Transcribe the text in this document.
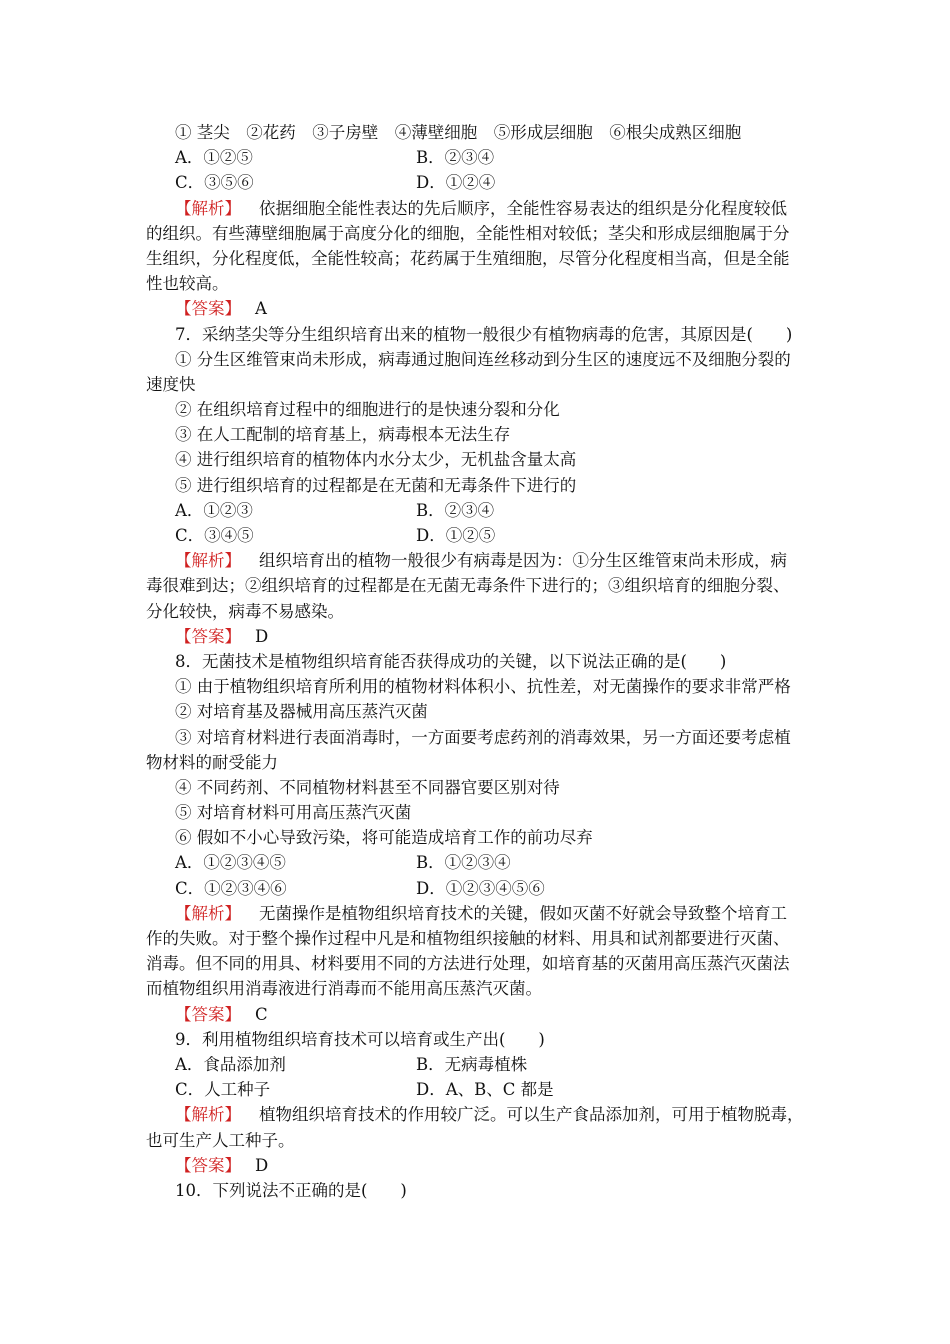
① 茎尖　②花药　③子房壁　④薄壁细胞　⑤形成层细胞　⑥根尖成熟区细胞
A．①②⑤	B．②③④
C．③⑤⑥	D．①②④
【解析】 依据细胞全能性表达的先后顺序，全能性容易表达的组织是分化程度较低
的组织。有些薄壁细胞属于高度分化的细胞，全能性相对较低；茎尖和形成层细胞属于分
生组织，分化程度低，全能性较高；花药属于生殖细胞，尽管分化程度相当高，但是全能
性也较高。
【答案】 A
7．采纳茎尖等分生组织培育出来的植物一般很少有植物病毒的危害，其原因是(　　)
① 分生区维管束尚未形成，病毒通过胞间连丝移动到分生区的速度远不及细胞分裂的
速度快
② 在组织培育过程中的细胞进行的是快速分裂和分化
③ 在人工配制的培育基上，病毒根本无法生存
④ 进行组织培育的植物体内水分太少，无机盐含量太高
⑤ 进行组织培育的过程都是在无菌和无毒条件下进行的
A．①②③	B．②③④
C．③④⑤	D．①②⑤
【解析】 组织培育出的植物一般很少有病毒是因为：①分生区维管束尚未形成，病
毒很难到达；②组织培育的过程都是在无菌无毒条件下进行的；③组织培育的细胞分裂、
分化较快，病毒不易感染。
【答案】 D
8．无菌技术是植物组织培育能否获得成功的关键，以下说法正确的是(　　)
① 由于植物组织培育所利用的植物材料体积小、抗性差，对无菌操作的要求非常严格
② 对培育基及器械用高压蒸汽灭菌
③ 对培育材料进行表面消毒时，一方面要考虑药剂的消毒效果，另一方面还要考虑植
物材料的耐受能力
④ 不同药剂、不同植物材料甚至不同器官要区别对待
⑤ 对培育材料可用高压蒸汽灭菌
⑥ 假如不小心导致污染，将可能造成培育工作的前功尽弃
A．①②③④⑤	B．①②③④
C．①②③④⑥	D．①②③④⑤⑥
【解析】 无菌操作是植物组织培育技术的关键，假如灭菌不好就会导致整个培育工
作的失败。对于整个操作过程中凡是和植物组织接触的材料、用具和试剂都要进行灭菌、
消毒。但不同的用具、材料要用不同的方法进行处理，如培育基的灭菌用高压蒸汽灭菌法
而植物组织用消毒液进行消毒而不能用高压蒸汽灭菌。
【答案】 C
9．利用植物组织培育技术可以培育或生产出(　　)
A．食品添加剂	B．无病毒植株
C．人工种子	D．A、B、C 都是
【解析】 植物组织培育技术的作用较广泛。可以生产食品添加剂，可用于植物脱毒，
也可生产人工种子。
【答案】 D
10．下列说法不正确的是(　　)
